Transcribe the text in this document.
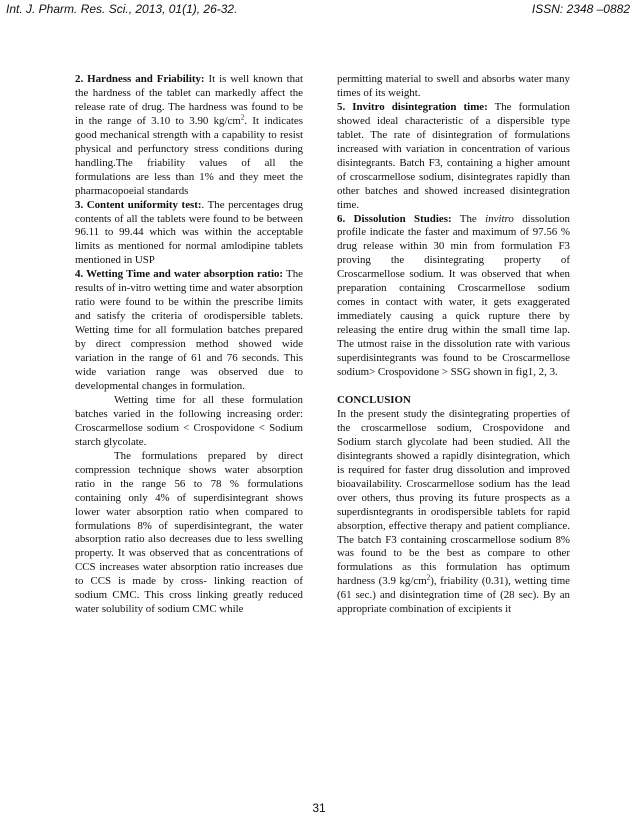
Int. J. Pharm. Res. Sci., 2013, 01(1), 26-32.	ISSN: 2348 –0882

2. Hardness and Friability: It is well known that the hardness of the tablet can markedly affect the release rate of drug. The hardness was found to be in the range of 3.10 to 3.90 $kg/cm^2$. It indicates good mechanical strength with a capability to resist physical and perfunctory stress conditions during handling.The friability values of all the formulations are less than 1% and they meet the pharmacopoeial standards

3. Content uniformity test:. The percentages drug contents of all the tablets were found to be between 96.11 to 99.44 which was within the acceptable limits as mentioned for normal amlodipine tablets mentioned in USP

4. Wetting Time and water absorption ratio: The results of in-vitro wetting time and water absorption ratio were found to be within the prescribe limits and satisfy the criteria of orodispersible tablets. Wetting time for all formulation batches prepared by direct compression method showed wide variation in the range of 61 and 76 seconds. This wide variation range was observed due to developmental changes in formulation.

Wetting time for all these formulation batches varied in the following increasing order: Croscarmellose sodium < Crospovidone < Sodium starch glycolate.

The formulations prepared by direct compression technique shows water absorption ratio in the range 56 to 78 % formulations containing only 4% of superdisintegrant shows lower water absorption ratio when compared to formulations 8% of superdisintegrant, the water absorption ratio also decreases due to less swelling property. It was observed that as concentrations of CCS increases water absorption ratio increases due to CCS is made by cross- linking reaction of sodium CMC. This cross linking greatly reduced water solubility of sodium CMC while

permitting material to swell and absorbs water many times of its weight.

5. Invitro disintegration time: The formulation showed ideal characteristic of a dispersible type tablet. The rate of disintegration of formulations increased with variation in concentration of various disintegrants. Batch F3, containing a higher amount of croscarmellose sodium, disintegrates rapidly than other batches and showed increased disintegration time.

6. Dissolution Studies: The invitro dissolution profile indicate the faster and maximum of 97.56 % drug release within 30 min from formulation F3 proving the disintegrating property of Croscarmellose sodium. It was observed that when preparation containing Croscarmellose sodium comes in contact with water, it gets exaggerated immediately causing a quick rupture there by releasing the entire drug within the small time lap. The utmost raise in the dissolution rate with various superdisintegrants was found to be Croscarmellose sodium> Crospovidone > SSG shown in fig1, 2, 3.

CONCLUSION

In the present study the disintegrating properties of the croscarmellose sodium, Crospovidone and Sodium starch glycolate had been studied. All the disintegrants showed a rapidly disintegration, which is required for faster drug dissolution and improved bioavailability. Croscarmellose sodium has the lead over others, thus proving its future prospects as a superdisntegrants in orodispersible tablets for rapid absorption, effective therapy and patient compliance. The batch F3 containing croscarmellose sodium 8% was found to be the best as compare to other formulations as this formulation has optimum hardness (3.9 $kg/cm^2$), friability (0.31), wetting time (61 sec.) and disintegration time of (28 sec). By an appropriate combination of excipients it

31
